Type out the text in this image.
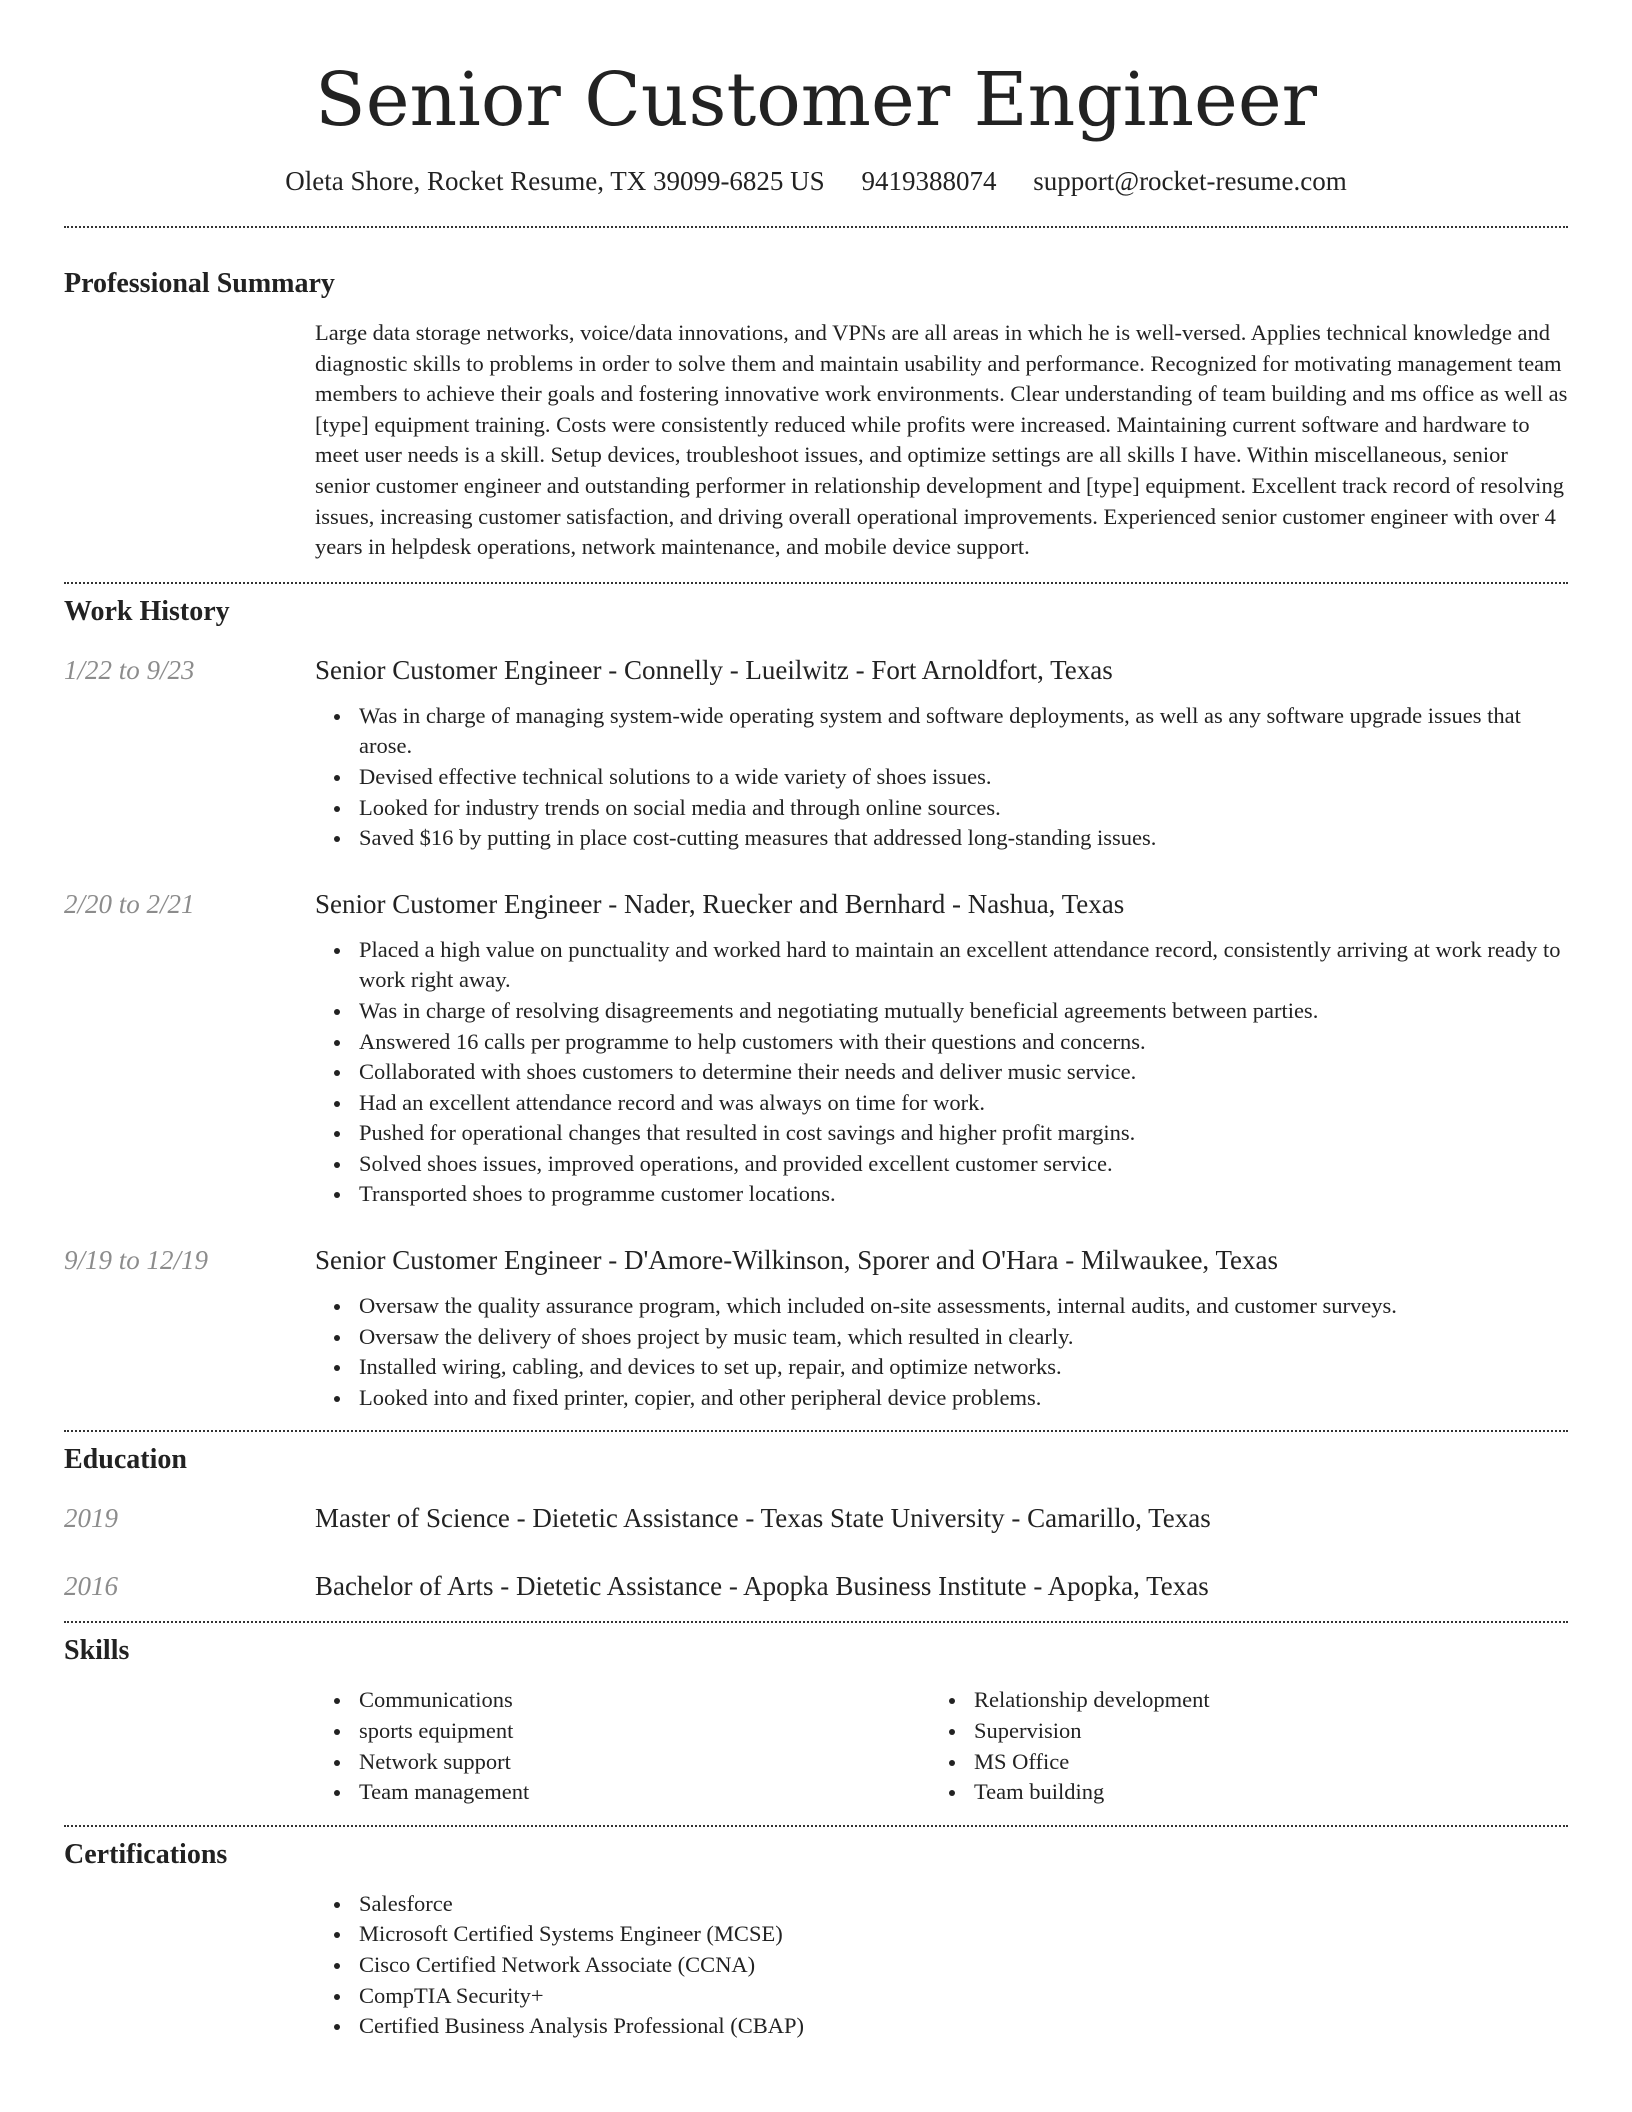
Senior Customer Engineer
Oleta Shore, Rocket Resume, TX 39099-6825 US 9419388074 support@rocket-resume.com
Professional Summary
Large data storage networks, voice/data innovations, and VPNs are all areas in which he is well-versed. Applies technical knowledge and diagnostic skills to problems in order to solve them and maintain usability and performance. Recognized for motivating management team members to achieve their goals and fostering innovative work environments. Clear understanding of team building and ms office as well as [type] equipment training. Costs were consistently reduced while profits were increased. Maintaining current software and hardware to meet user needs is a skill. Setup devices, troubleshoot issues, and optimize settings are all skills I have. Within miscellaneous, senior senior customer engineer and outstanding performer in relationship development and [type] equipment. Excellent track record of resolving issues, increasing customer satisfaction, and driving overall operational improvements. Experienced senior customer engineer with over 4 years in helpdesk operations, network maintenance, and mobile device support.
Work History
1/22 to 9/23	Senior Customer Engineer - Connelly - Lueilwitz - Fort Arnoldfort, Texas
Was in charge of managing system-wide operating system and software deployments, as well as any software upgrade issues that arose.
Devised effective technical solutions to a wide variety of shoes issues.
Looked for industry trends on social media and through online sources.
Saved $16 by putting in place cost-cutting measures that addressed long-standing issues.
2/20 to 2/21	Senior Customer Engineer - Nader, Ruecker and Bernhard - Nashua, Texas
Placed a high value on punctuality and worked hard to maintain an excellent attendance record, consistently arriving at work ready to work right away.
Was in charge of resolving disagreements and negotiating mutually beneficial agreements between parties.
Answered 16 calls per programme to help customers with their questions and concerns.
Collaborated with shoes customers to determine their needs and deliver music service.
Had an excellent attendance record and was always on time for work.
Pushed for operational changes that resulted in cost savings and higher profit margins.
Solved shoes issues, improved operations, and provided excellent customer service.
Transported shoes to programme customer locations.
9/19 to 12/19	Senior Customer Engineer - D'Amore-Wilkinson, Sporer and O'Hara - Milwaukee, Texas
Oversaw the quality assurance program, which included on-site assessments, internal audits, and customer surveys.
Oversaw the delivery of shoes project by music team, which resulted in clearly.
Installed wiring, cabling, and devices to set up, repair, and optimize networks.
Looked into and fixed printer, copier, and other peripheral device problems.
Education
2019	Master of Science - Dietetic Assistance - Texas State University - Camarillo, Texas
2016	Bachelor of Arts - Dietetic Assistance - Apopka Business Institute - Apopka, Texas
Skills
Communications
sports equipment
Network support
Team management
Relationship development
Supervision
MS Office
Team building
Certifications
Salesforce
Microsoft Certified Systems Engineer (MCSE)
Cisco Certified Network Associate (CCNA)
CompTIA Security+
Certified Business Analysis Professional (CBAP)
